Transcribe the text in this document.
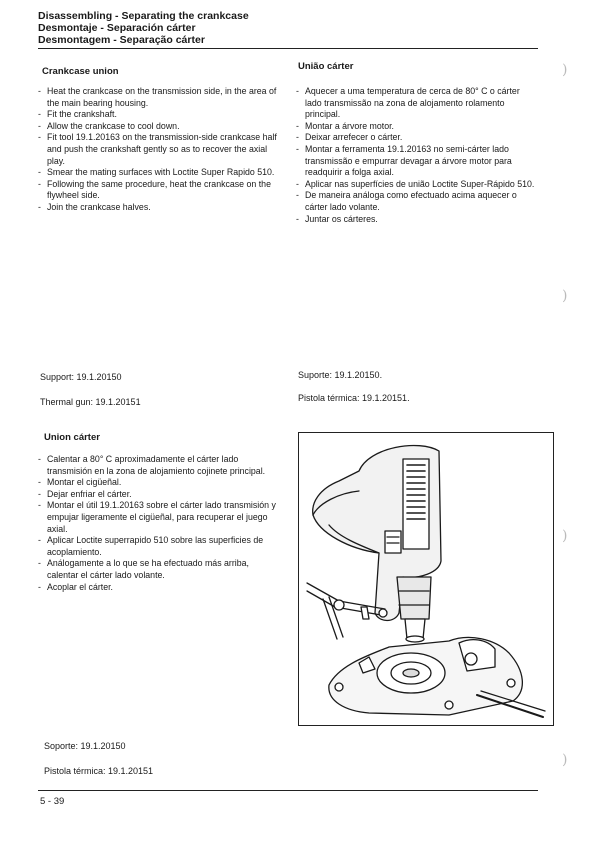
Disassembling - Separating the crankcase
Desmontaje - Separación cárter
Desmontagem - Separação cárter
Crankcase union
- Heat the crankcase on the transmission side, in the area of the main bearing housing.
- Fit the crankshaft.
- Allow the crankcase to cool down.
- Fit tool 19.1.20163 on the transmission-side crankcase half and push the crankshaft gently so as to recover the axial play.
- Smear the mating surfaces with Loctite Super Rapido 510.
- Following the same procedure, heat the crankcase on the flywheel side.
- Join the crankcase halves.
Support: 19.1.20150
Thermal gun: 19.1.20151
União cárter
- Aquecer a uma temperatura de cerca de 80° C o cárter lado transmissão na zona de alojamento rolamento principal.
- Montar a árvore motor.
- Deixar arrefecer o cárter.
- Montar a ferramenta 19.1.20163 no semi-cárter lado transmissão e empurrar devagar a árvore motor para readquirir a folga axial.
- Aplicar nas superfícies de união Loctite Super-Rápido 510.
- De maneira análoga como efectuado acima aquecer o cárter lado volante.
- Juntar os cárteres.
Suporte: 19.1.20150.
Pistola térmica: 19.1.20151.
Union cárter
- Calentar a 80° C aproximadamente el cárter lado transmisión en la zona de alojamiento cojinete principal.
- Montar el cigüeñal.
- Dejar enfriar el cárter.
- Montar el útil 19.1.20163 sobre el cárter lado transmisión y empujar ligeramente el cigüeñal, para recuperar el juego axial.
- Aplicar Loctite superrapido 510 sobre las superficies de acoplamiento.
- Análogamente a lo que se ha efectuado más arriba, calentar el cárter lado volante.
- Acoplar el cárter.
Soporte: 19.1.20150
Pistola térmica: 19.1.20151
)
)
)
)
5 - 39
